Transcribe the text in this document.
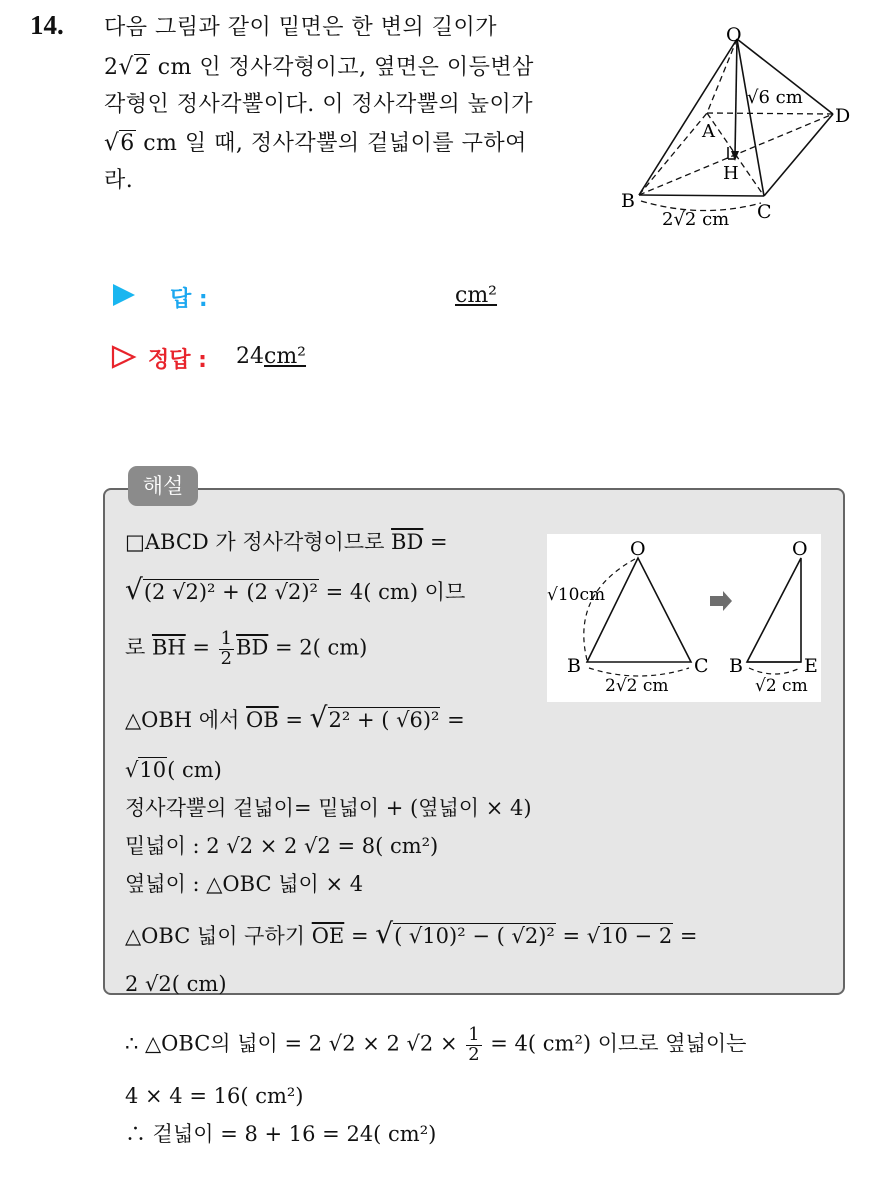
14. 다음 그림과 같이 밑면은 한 변의 길이가
2√2 cm 인 정사각형이고, 옆면은 이등변삼
각형인 정사각뿔이다. 이 정사각뿔의 높이가
√6 cm 일 때, 정사각뿔의 겉넓이를 구하여
라.
O
A
B	C
D
H
√6 cm
2√2 cm
답 :	cm²
정답 : 24cm²
해설
□ABCD 가 정사각형이므로 $\overline{BD}$ =
√(2 √2)² + (2 √2)² = 4( cm) 이므
로 $\overline{BH} = \frac{1}{2} \overline{BD} = 2$( cm)
△OBH 에서 $\overline{OB} = √2^2$ + ( √6)² =
√10( cm)
정사각뿔의 겉넓이= 밑넓이 + (옆넓이 × 4)
밑넓이 : 2 √2 × 2 √2 = 8( cm²)
옆넓이 : △OBC 넓이 × 4
△OBC 넓이 구하기 $\overline{OE}$ = √( √10)² − ( √2)² = √10 − 2 =
2 √2( cm)
∴ △OBC의 넓이 = 2 √2 × 2 $√2 \times \frac{1}{2} = 4$( cm²) 이므로 옆넓이는
4 × 4 = 16( cm²)
∴ 겉넓이 = 8 + 16 = 24( cm²)
O
B	C
√10cm
2√2 cm
O
B	E
√2 cm
